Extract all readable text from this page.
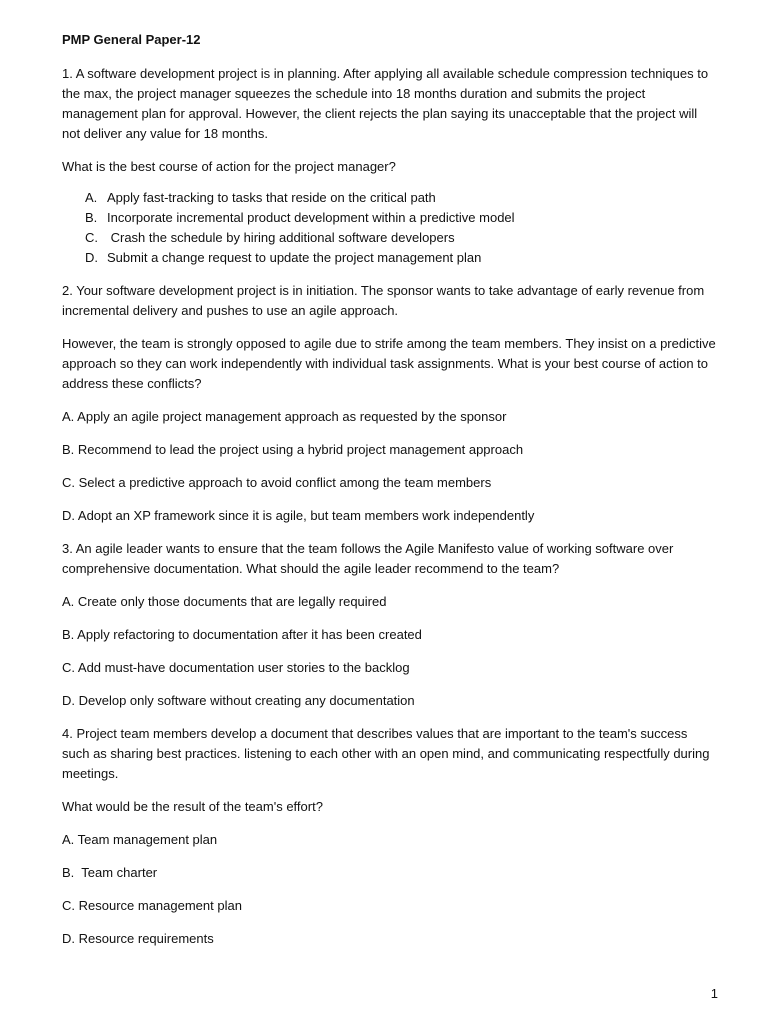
PMP General Paper-12

1. A software development project is in planning. After applying all available schedule compression techniques to the max, the project manager squeezes the schedule into 18 months duration and submits the project management plan for approval. However, the client rejects the plan saying its unacceptable that the project will not deliver any value for 18 months.

What is the best course of action for the project manager?

A. Apply fast-tracking to tasks that reside on the critical path
B. Incorporate incremental product development within a predictive model
C. Crash the schedule by hiring additional software developers
D. Submit a change request to update the project management plan

2. Your software development project is in initiation. The sponsor wants to take advantage of early revenue from incremental delivery and pushes to use an agile approach.

However, the team is strongly opposed to agile due to strife among the team members. They insist on a predictive approach so they can work independently with individual task assignments. What is your best course of action to address these conflicts?

A. Apply an agile project management approach as requested by the sponsor

B. Recommend to lead the project using a hybrid project management approach

C. Select a predictive approach to avoid conflict among the team members

D. Adopt an XP framework since it is agile, but team members work independently

3. An agile leader wants to ensure that the team follows the Agile Manifesto value of working software over comprehensive documentation. What should the agile leader recommend to the team?

A. Create only those documents that are legally required

B. Apply refactoring to documentation after it has been created

C. Add must-have documentation user stories to the backlog

D. Develop only software without creating any documentation

4. Project team members develop a document that describes values that are important to the team's success such as sharing best practices. listening to each other with an open mind, and communicating respectfully during meetings.

What would be the result of the team's effort?

A. Team management plan

B.  Team charter

C. Resource management plan

D. Resource requirements

1
